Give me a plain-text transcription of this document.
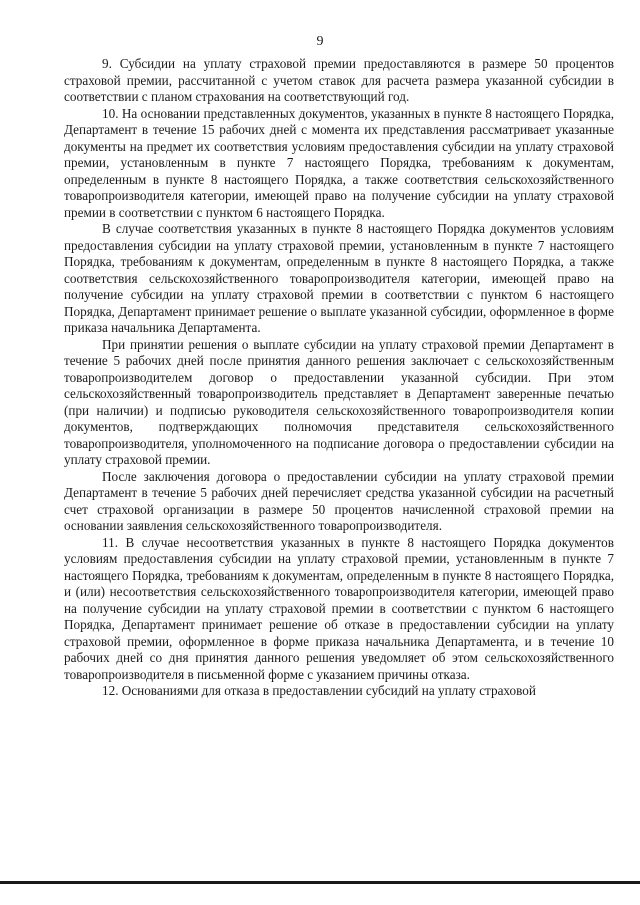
9

9. Субсидии на уплату страховой премии предоставляются в размере 50 процентов страховой премии, рассчитанной с учетом ставок для расчета размера указанной субсидии в соответствии с планом страхования на соответствующий год.

10. На основании представленных документов, указанных в пункте 8 настоящего Порядка, Департамент в течение 15 рабочих дней с момента их представления рассматривает указанные документы на предмет их соответствия условиям предоставления субсидии на уплату страховой премии, установленным в пункте 7 настоящего Порядка, требованиям к документам, определенным в пункте 8 настоящего Порядка, а также соответствия сельскохозяйственного товаропроизводителя категории, имеющей право на получение субсидии на уплату страховой премии в соответствии с пунктом 6 настоящего Порядка.

В случае соответствия указанных в пункте 8 настоящего Порядка документов условиям предоставления субсидии на уплату страховой премии, установленным в пункте 7 настоящего Порядка, требованиям к документам, определенным в пункте 8 настоящего Порядка, а также соответствия сельскохозяйственного товаропроизводителя категории, имеющей право на получение субсидии на уплату страховой премии в соответствии с пунктом 6 настоящего Порядка, Департамент принимает решение о выплате указанной субсидии, оформленное в форме приказа начальника Департамента.

При принятии решения о выплате субсидии на уплату страховой премии Департамент в течение 5 рабочих дней после принятия данного решения заключает с сельскохозяйственным товаропроизводителем договор о предоставлении указанной субсидии. При этом сельскохозяйственный товаропроизводитель представляет в Департамент заверенные печатью (при наличии) и подписью руководителя сельскохозяйственного товаропроизводителя копии документов, подтверждающих полномочия представителя сельскохозяйственного товаропроизводителя, уполномоченного на подписание договора о предоставлении субсидии на уплату страховой премии.

После заключения договора о предоставлении субсидии на уплату страховой премии Департамент в течение 5 рабочих дней перечисляет средства указанной субсидии на расчетный счет страховой организации в размере 50 процентов начисленной страховой премии на основании заявления сельскохозяйственного товаропроизводителя.

11. В случае несоответствия указанных в пункте 8 настоящего Порядка документов условиям предоставления субсидии на уплату страховой премии, установленным в пункте 7 настоящего Порядка, требованиям к документам, определенным в пункте 8 настоящего Порядка, и (или) несоответствия сельскохозяйственного товаропроизводителя категории, имеющей право на получение субсидии на уплату страховой премии в соответствии с пунктом 6 настоящего Порядка, Департамент принимает решение об отказе в предоставлении субсидии на уплату страховой премии, оформленное в форме приказа начальника Департамента, и в течение 10 рабочих дней со дня принятия данного решения уведомляет об этом сельскохозяйственного товаропроизводителя в письменной форме с указанием причины отказа.

12. Основаниями для отказа в предоставлении субсидий на уплату страховой
